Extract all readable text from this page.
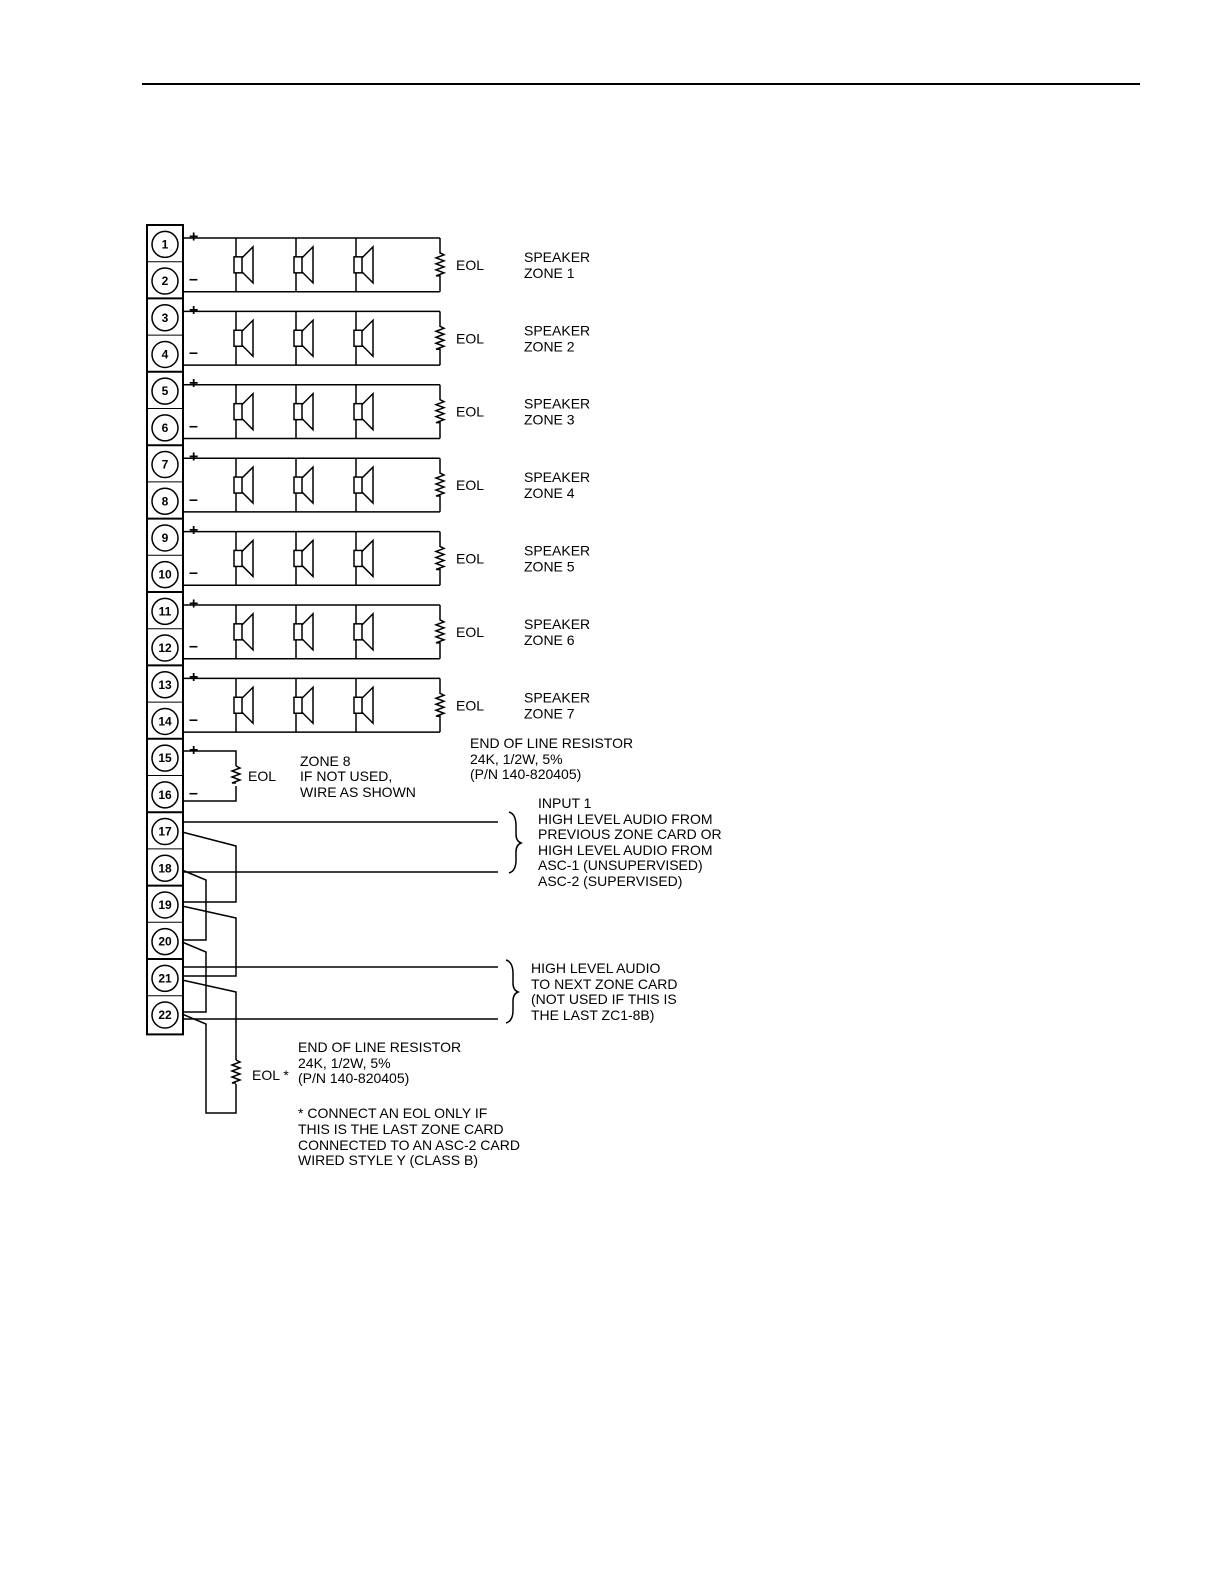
1
2
3
4
5
6
7
8
9
10
11
12
13
14
15
16
17
18
19
20
21
22
+
–
+
–
+
–
+
–
+
–
+
–
+
–
+
–
EOL	SPEAKER
ZONE 1
EOL	SPEAKER
ZONE 2
EOL	SPEAKER
ZONE 3
EOL	SPEAKER
ZONE 4
EOL	SPEAKER
ZONE 5
EOL	SPEAKER
ZONE 6
EOL	SPEAKER
ZONE 7
EOL
ZONE 8
IF NOT USED,
WIRE AS SHOWN
END OF LINE RESISTOR
24K, 1/2W, 5%
(P/N 140-820405)
INPUT 1
HIGH LEVEL AUDIO FROM
PREVIOUS ZONE CARD OR
HIGH LEVEL AUDIO FROM
ASC-1 (UNSUPERVISED)
ASC-2 (SUPERVISED)
HIGH LEVEL AUDIO
TO NEXT ZONE CARD
(NOT USED IF THIS IS
THE LAST ZC1-8B)
EOL *
END OF LINE RESISTOR
24K, 1/2W, 5%
(P/N 140-820405)
* CONNECT AN EOL ONLY IF
THIS IS THE LAST ZONE CARD
CONNECTED TO AN ASC-2 CARD
WIRED STYLE Y (CLASS B)
